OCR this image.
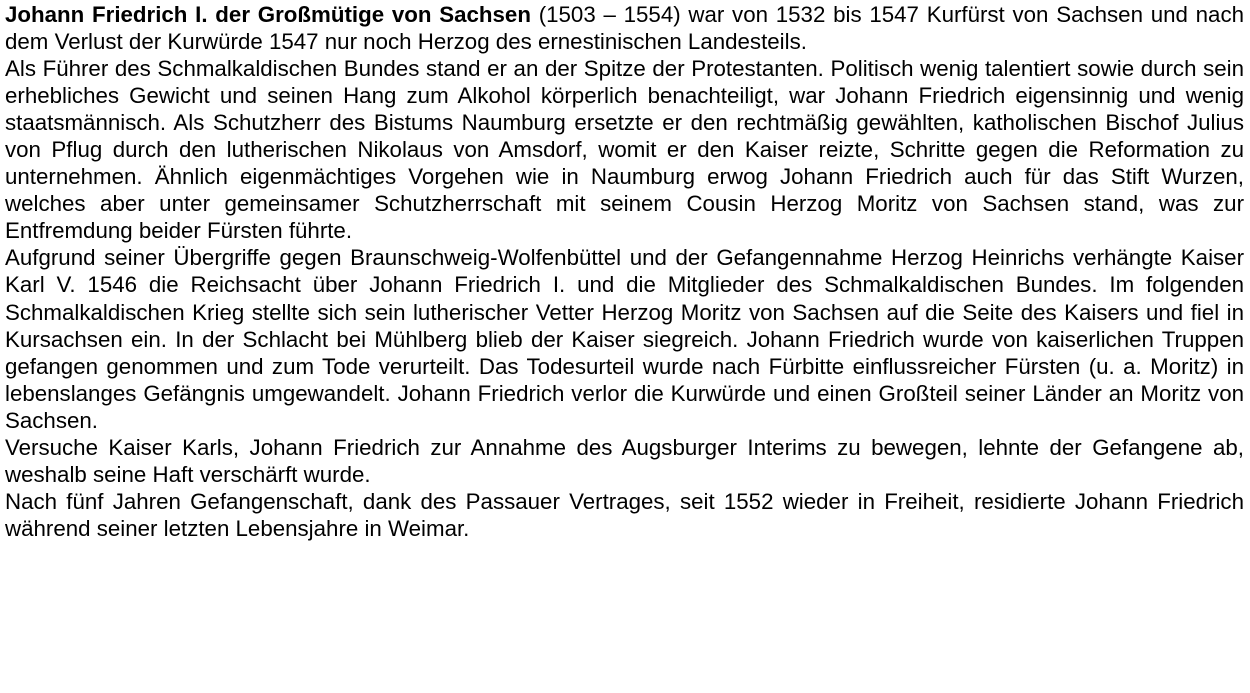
Johann Friedrich I. der Großmütige von Sachsen (1503 – 1554) war von 1532 bis 1547 Kurfürst von Sachsen und nach dem Verlust der Kurwürde 1547 nur noch Herzog des ernestinischen Landesteils.

Als Führer des Schmalkaldischen Bundes stand er an der Spitze der Protestanten. Politisch wenig talentiert sowie durch sein erhebliches Gewicht und seinen Hang zum Alkohol körperlich benachteiligt, war Johann Friedrich eigensinnig und wenig staatsmännisch. Als Schutzherr des Bistums Naumburg ersetzte er den rechtmäßig gewählten, katholischen Bischof Julius von Pflug durch den lutherischen Nikolaus von Amsdorf, womit er den Kaiser reizte, Schritte gegen die Reformation zu unternehmen. Ähnlich eigenmächtiges Vorgehen wie in Naumburg erwog Johann Friedrich auch für das Stift Wurzen, welches aber unter gemeinsamer Schutzherrschaft mit seinem Cousin Herzog Moritz von Sachsen stand, was zur Entfremdung beider Fürsten führte.

Aufgrund seiner Übergriffe gegen Braunschweig-Wolfenbüttel und der Gefangennahme Herzog Heinrichs verhängte Kaiser Karl V. 1546 die Reichsacht über Johann Friedrich I. und die Mitglieder des Schmalkaldischen Bundes. Im folgenden Schmalkaldischen Krieg stellte sich sein lutherischer Vetter Herzog Moritz von Sachsen auf die Seite des Kaisers und fiel in Kursachsen ein. In der Schlacht bei Mühlberg blieb der Kaiser siegreich. Johann Friedrich wurde von kaiserlichen Truppen gefangen genommen und zum Tode verurteilt. Das Todesurteil wurde nach Fürbitte einflussreicher Fürsten (u. a. Moritz) in lebenslanges Gefängnis umgewandelt. Johann Friedrich verlor die Kurwürde und einen Großteil seiner Länder an Moritz von Sachsen.

Versuche Kaiser Karls, Johann Friedrich zur Annahme des Augsburger Interims zu bewegen, lehnte der Gefangene ab, weshalb seine Haft verschärft wurde.

Nach fünf Jahren Gefangenschaft, dank des Passauer Vertrages, seit 1552 wieder in Freiheit, residierte Johann Friedrich während seiner letzten Lebensjahre in Weimar.
